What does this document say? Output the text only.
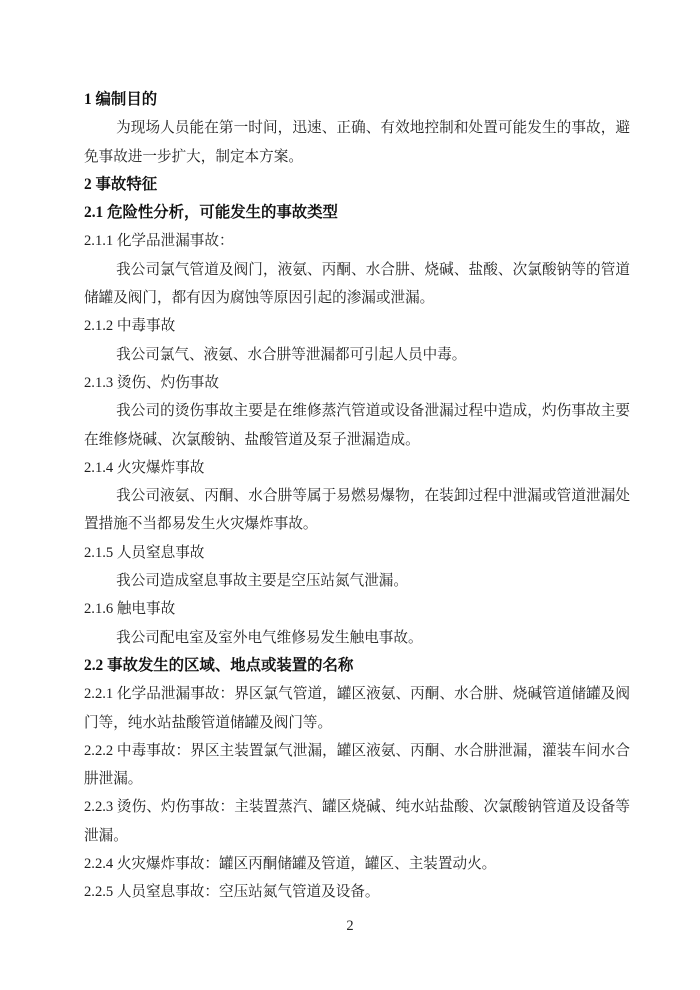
1 编制目的

为现场人员能在第一时间，迅速、正确、有效地控制和处置可能发生的事故，避免事故进一步扩大，制定本方案。

2 事故特征

2.1 危险性分析，可能发生的事故类型

2.1.1 化学品泄漏事故：

我公司氯气管道及阀门，液氨、丙酮、水合肼、烧碱、盐酸、次氯酸钠等的管道储罐及阀门，都有因为腐蚀等原因引起的渗漏或泄漏。

2.1.2 中毒事故

我公司氯气、液氨、水合肼等泄漏都可引起人员中毒。

2.1.3 烫伤、灼伤事故

我公司的烫伤事故主要是在维修蒸汽管道或设备泄漏过程中造成，灼伤事故主要在维修烧碱、次氯酸钠、盐酸管道及泵子泄漏造成。

2.1.4 火灾爆炸事故

我公司液氨、丙酮、水合肼等属于易燃易爆物，在装卸过程中泄漏或管道泄漏处置措施不当都易发生火灾爆炸事故。

2.1.5 人员窒息事故

我公司造成窒息事故主要是空压站氮气泄漏。

2.1.6 触电事故

我公司配电室及室外电气维修易发生触电事故。

2.2 事故发生的区域、地点或装置的名称

2.2.1 化学品泄漏事故：界区氯气管道，罐区液氨、丙酮、水合肼、烧碱管道储罐及阀门等，纯水站盐酸管道储罐及阀门等。

2.2.2 中毒事故：界区主装置氯气泄漏，罐区液氨、丙酮、水合肼泄漏，灌装车间水合肼泄漏。

2.2.3 烫伤、灼伤事故：主装置蒸汽、罐区烧碱、纯水站盐酸、次氯酸钠管道及设备等泄漏。

2.2.4 火灾爆炸事故：罐区丙酮储罐及管道，罐区、主装置动火。

2.2.5 人员窒息事故：空压站氮气管道及设备。

2
